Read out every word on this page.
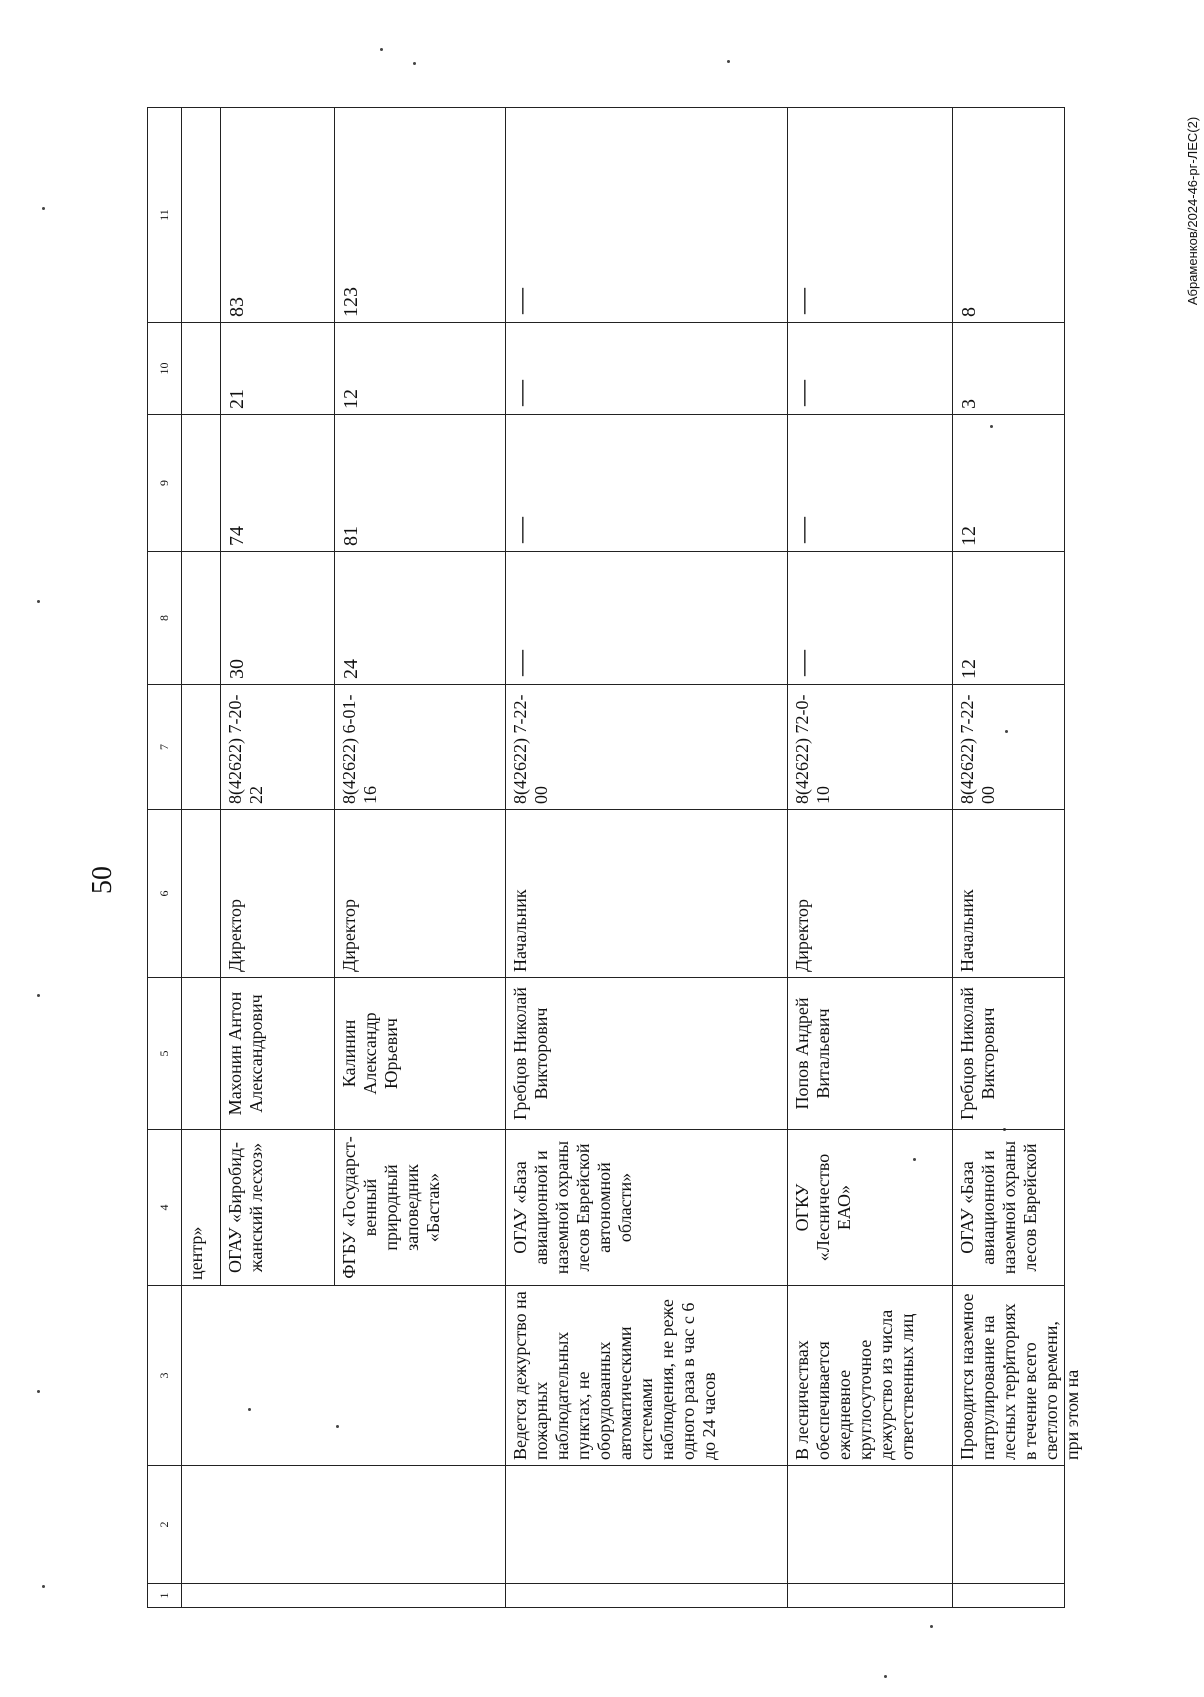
50
Абраменков/2024-46-рг-ЛЕС(2)
1	2	3	4	5	6	7	8	9	10	11
			центр»							
			ОГАУ «Биробид-жанский лесхоз»	Махонин Антон Александрович	Директор	8(42622) 7-20-22	30	74	21	83
			ФГБУ «Государст-венный природный заповедник «Бастак»	Калинин Александр Юрьевич	Директор	8(42622) 6-01-16	24	81	12	123
		Ведется дежурство на пожарных наблюдательных пунктах, не оборудованных автоматическими системами наблюдения, не реже одного раза в час с 6 до 24 часов	ОГАУ «База авиационной и наземной охраны лесов Еврейской автономной области»	Гребцов Николай Викторович	Начальник	8(42622) 7-22-00	—	—	—	—
		В лесничествах обеспечивается ежедневное круглосуточное дежурство из числа ответственных лиц	ОГКУ «Лесничество ЕАО»	Попов Андрей Витальевич	Директор	8(42622) 72-0-10	—	—	—	—

		Проводится наземное патрулирование на лесных территориях в течение всего светлого времени, при этом на	ОГАУ «База авиационной и наземной охраны лесов Еврейской	Гребцов Николай Викторович	Начальник	8(42622) 7-22-00	12	12	3	8
